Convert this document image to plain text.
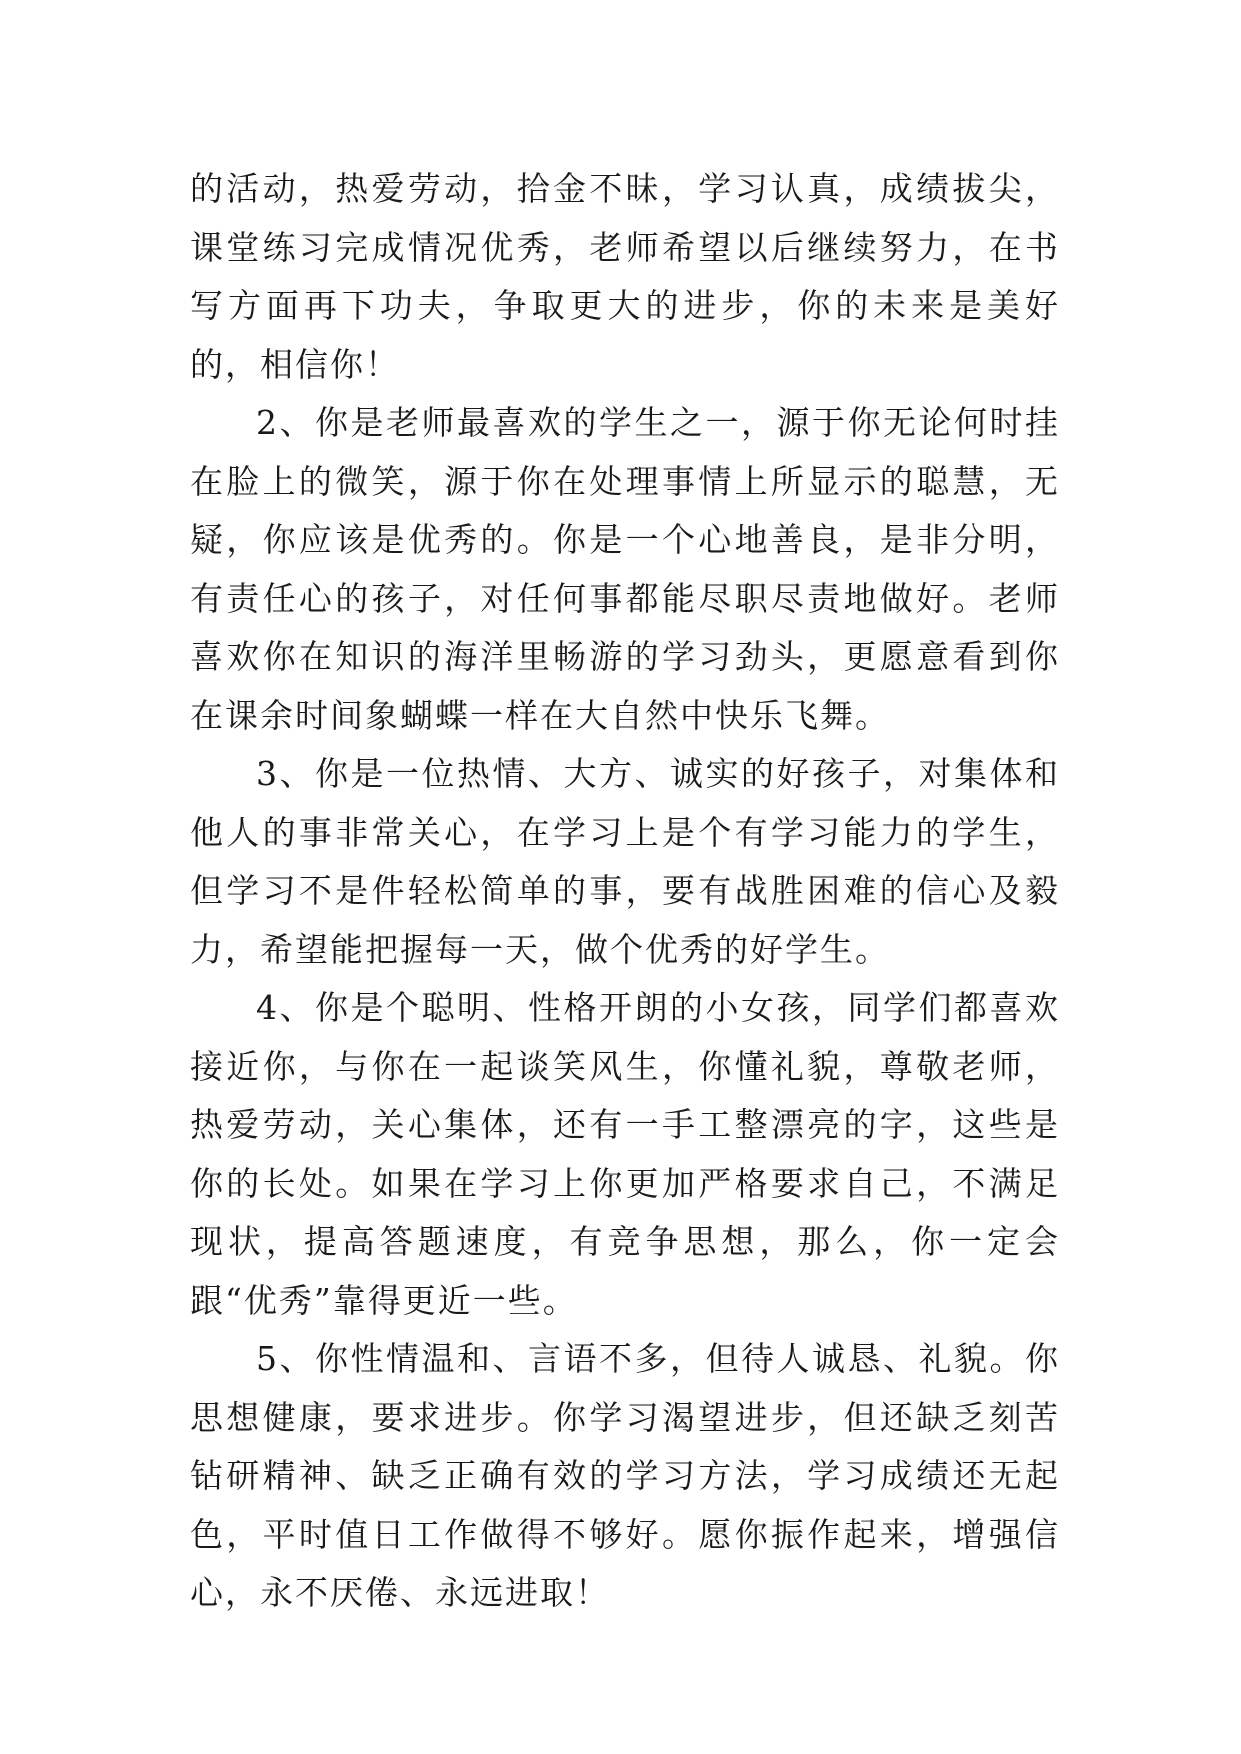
的活动，热爱劳动，拾金不昧，学习认真，成绩拔尖，课堂练习完成情况优秀，老师希望以后继续努力，在书写方面再下功夫，争取更大的进步，你的未来是美好的，相信你！

2、你是老师最喜欢的学生之一，源于你无论何时挂在脸上的微笑，源于你在处理事情上所显示的聪慧，无疑，你应该是优秀的。你是一个心地善良，是非分明，有责任心的孩子，对任何事都能尽职尽责地做好。老师喜欢你在知识的海洋里畅游的学习劲头，更愿意看到你在课余时间象蝴蝶一样在大自然中快乐飞舞。

3、你是一位热情、大方、诚实的好孩子，对集体和他人的事非常关心，在学习上是个有学习能力的学生，但学习不是件轻松简单的事，要有战胜困难的信心及毅力，希望能把握每一天，做个优秀的好学生。

4、你是个聪明、性格开朗的小女孩，同学们都喜欢接近你，与你在一起谈笑风生，你懂礼貌，尊敬老师，热爱劳动，关心集体，还有一手工整漂亮的字，这些是你的长处。如果在学习上你更加严格要求自己，不满足现状，提高答题速度，有竞争思想，那么，你一定会跟“优秀”靠得更近一些。

5、你性情温和、言语不多，但待人诚恳、礼貌。你思想健康，要求进步。你学习渴望进步，但还缺乏刻苦钻研精神、缺乏正确有效的学习方法，学习成绩还无起色，平时值日工作做得不够好。愿你振作起来，增强信心，永不厌倦、永远进取！
